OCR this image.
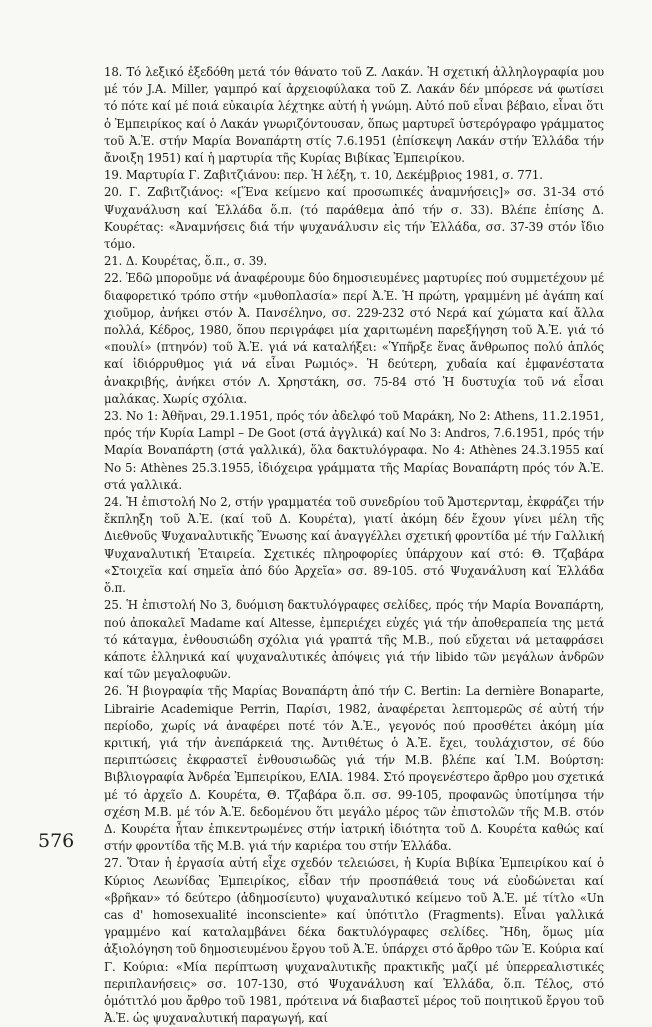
18. Τό λεξικό ἐξεδόθη μετά τόν θάνατο τοῦ Z. Λακάν. Ἡ σχετική ἀλληλογραφία μου μέ τόν J.A. Miller, γαμπρό καί ἀρχειοφύλακα τοῦ Z. Λακάν δέν μπόρεσε νά φωτίσει τό πότε καί μέ ποιά εὐκαιρία λέχτηκε αὐτή ἡ γνώμη. Αὐτό ποῦ εἶναι βέβαιο, εἶναι ὅτι ὁ Ἐμπειρίκος καί ὁ Λακάν γνωριζόντουσαν, ὅπως μαρτυρεῖ ὑστερόγραφο γράμματος τοῦ Ἀ.Ἐ. στήν Μαρία Βοναπάρτη στίς 7.6.1951 (ἐπίσκεψη Λακάν στήν Ἑλλάδα τήν ἄνοιξη 1951) καί ἡ μαρτυρία τῆς Κυρίας Βιβίκας Ἐμπειρίκου.

19. Μαρτυρία Γ. Ζαβιτζιάνου: περ. Ἡ λέξη, τ. 10, Δεκέμβριος 1981, σ. 771.

20. Γ. Ζαβιτζιάνος: «[Ἕνα κείμενο καί προσωπικές ἀναμνήσεις]» σσ. 31-34 στό Ψυχανάλυση καί Ἑλλάδα ὅ.π. (τό παράθεμα ἀπό τήν σ. 33). Βλέπε ἐπίσης Δ. Κουρέτας: «Ἀναμνήσεις διά τήν ψυχανάλυσιν εἰς τήν Ἑλλάδα, σσ. 37-39 στόν ἴδιο τόμο.

21. Δ. Κουρέτας, ὅ.π., σ. 39.

22. Ἐδῶ μποροῦμε νά ἀναφέρουμε δύο δημοσιευμένες μαρτυρίες πού συμμετέχουν μέ διαφορετικό τρόπο στήν «μυθοπλασία» περί Ἀ.Ἐ. Ἡ πρώτη, γραμμένη μέ ἀγάπη καί χιοῦμορ, ἀνήκει στόν Ἀ. Πανσέληνο, σσ. 229-232 στό Νερά καί χώματα καί ἄλλα πολλά, Κέδρος, 1980, ὅπου περιγράφει μία χαριτωμένη παρεξήγηση τοῦ Ἀ.Ἐ. γιά τό «πουλί» (πτηνόν) τοῦ Ἀ.Ἐ. γιά νά καταλήξει: «Ὑπῆρξε ἕνας ἄνθρωπος πολύ ἁπλός καί ἰδιόρρυθμος γιά νά εἶναι Ρωμιός». Ἡ δεύτερη, χυδαία καί ἐμφανέστατα ἀνακριβής, ἀνήκει στόν Λ. Χρηστάκη, σσ. 75-84 στό Ἡ δυστυχία τοῦ νά εἶσαι μαλάκας. Χωρίς σχόλια.

23. No 1: Ἀθῆναι, 29.1.1951, πρός τόν ἀδελφό τοῦ Μαράκη, No 2: Athens, 11.2.1951, πρός τήν Κυρία Lampl – De Goot (στά ἀγγλικά) καί No 3: Andros, 7.6.1951, πρός τήν Μαρία Βοναπάρτη (στά γαλλικά), ὅλα δακτυλόγραφα. No 4: Athènes 24.3.1955 καί No 5: Athènes 25.3.1955, ἰδιόχειρα γράμματα τῆς Μαρίας Βοναπάρτη πρός τόν Ἀ.Ἐ. στά γαλλικά.

24. Ἡ ἐπιστολή No 2, στήν γραμματέα τοῦ συνεδρίου τοῦ Ἄμστερνταμ, ἐκφράζει τήν ἔκπληξη τοῦ Ἀ.Ἐ. (καί τοῦ Δ. Κουρέτα), γιατί ἀκόμη δέν ἔχουν γίνει μέλη τῆς Διεθνοῦς Ψυχαναλυτικῆς Ἕνωσης καί ἀναγγέλλει σχετική φροντίδα μέ τήν Γαλλική Ψυχαναλυτική Ἑταιρεία. Σχετικές πληροφορίες ὑπάρχουν καί στό: Θ. Τζαβάρα «Στοιχεῖα καί σημεῖα ἀπό δύο Ἀρχεῖα» σσ. 89-105. στό Ψυχανάλυση καί Ἑλλάδα ὅ.π.

25. Ἡ ἐπιστολή No 3, δυόμιση δακτυλόγραφες σελίδες, πρός τήν Μαρία Βοναπάρτη, πού ἀποκαλεῖ Madame καί Altesse, ἐμπεριέχει εὐχές γιά τήν ἀποθεραπεία της μετά τό κάταγμα, ἐνθουσιώδη σχόλια γιά γραπτά τῆς Μ.Β., πού εὔχεται νά μεταφράσει κάποτε ἑλληνικά καί ψυχαναλυτικές ἀπόψεις γιά τήν libido τῶν μεγάλων ἀνδρῶν καί τῶν μεγαλοφυῶν.

26. Ἡ βιογραφία τῆς Μαρίας Βοναπάρτη ἀπό τήν C. Bertin: La dernière Bonaparte, Librairie Academique Perrin, Παρίσι, 1982, ἀναφέρεται λεπτομερῶς σέ αὐτή τήν περίοδο, χωρίς νά ἀναφέρει ποτέ τόν Ἀ.Ἐ., γεγονός πού προσθέτει ἀκόμη μία κριτική, γιά τήν ἀνεπάρκειά της. Ἀντιθέτως ὁ Ἀ.Ἐ. ἔχει, τουλάχιστον, σέ δύο περιπτώσεις ἐκφραστεῖ ἐνθουσιωδῶς γιά τήν Μ.Β. βλέπε καί Ἰ.Μ. Βούρτση: Βιβλιογραφία Ἀνδρέα Ἐμπειρίκου, ΕΛΙΑ. 1984. Στό προγενέστερο ἄρθρο μου σχετικά μέ τό ἀρχεῖο Δ. Κουρέτα, Θ. Τζαβάρα ὅ.π. σσ. 99-105, προφανῶς ὑποτίμησα τήν σχέση Μ.Β. μέ τόν Ἀ.Ἐ. δεδομένου ὅτι μεγάλο μέρος τῶν ἐπιστολῶν τῆς Μ.Β. στόν Δ. Κουρέτα ἦταν ἐπικεντρωμένες στήν ἰατρική ἰδιότητα τοῦ Δ. Κουρέτα καθώς καί στήν φροντίδα τῆς Μ.Β. γιά τήν καριέρα του στήν Ἑλλάδα.

27. Ὅταν ἡ ἐργασία αὐτή εἶχε σχεδόν τελειώσει, ἡ Κυρία Βιβίκα Ἐμπειρίκου καί ὁ Κύριος Λεωνίδας Ἐμπειρίκος, εἶδαν τήν προσπάθειά τους νά εὐοδώνεται καί «βρῆκαν» τό δεύτερο (ἀδημοσίευτο) ψυχαναλυτικό κείμενο τοῦ Ἀ.Ἐ. μέ τίτλο «Un cas d' homosexualité inconsciente» καί ὑπότιτλο (Fragments). Εἶναι γαλλικά γραμμένο καί καταλαμβάνει δέκα δακτυλόγραφες σελίδες. Ἤδη, ὅμως μία ἀξιολόγηση τοῦ δημοσιευμένου ἔργου τοῦ Ἀ.Ἐ. ὑπάρχει στό ἄρθρο τῶν Ἐ. Κούρια καί Γ. Κούρια: «Μία περίπτωση ψυχαναλυτικῆς πρακτικῆς μαζί μέ ὑπερρεαλιστικές περιπλανήσεις» σσ. 107-130, στό Ψυχανάλυση καί Ἑλλάδα, ὅ.π. Τέλος, στό ὁμότιτλό μου ἄρθρο τοῦ 1981, πρότεινα νά διαβαστεῖ μέρος τοῦ ποιητικοῦ ἔργου τοῦ Ἀ.Ἐ. ὡς ψυχαναλυτική παραγωγή, καί

576
